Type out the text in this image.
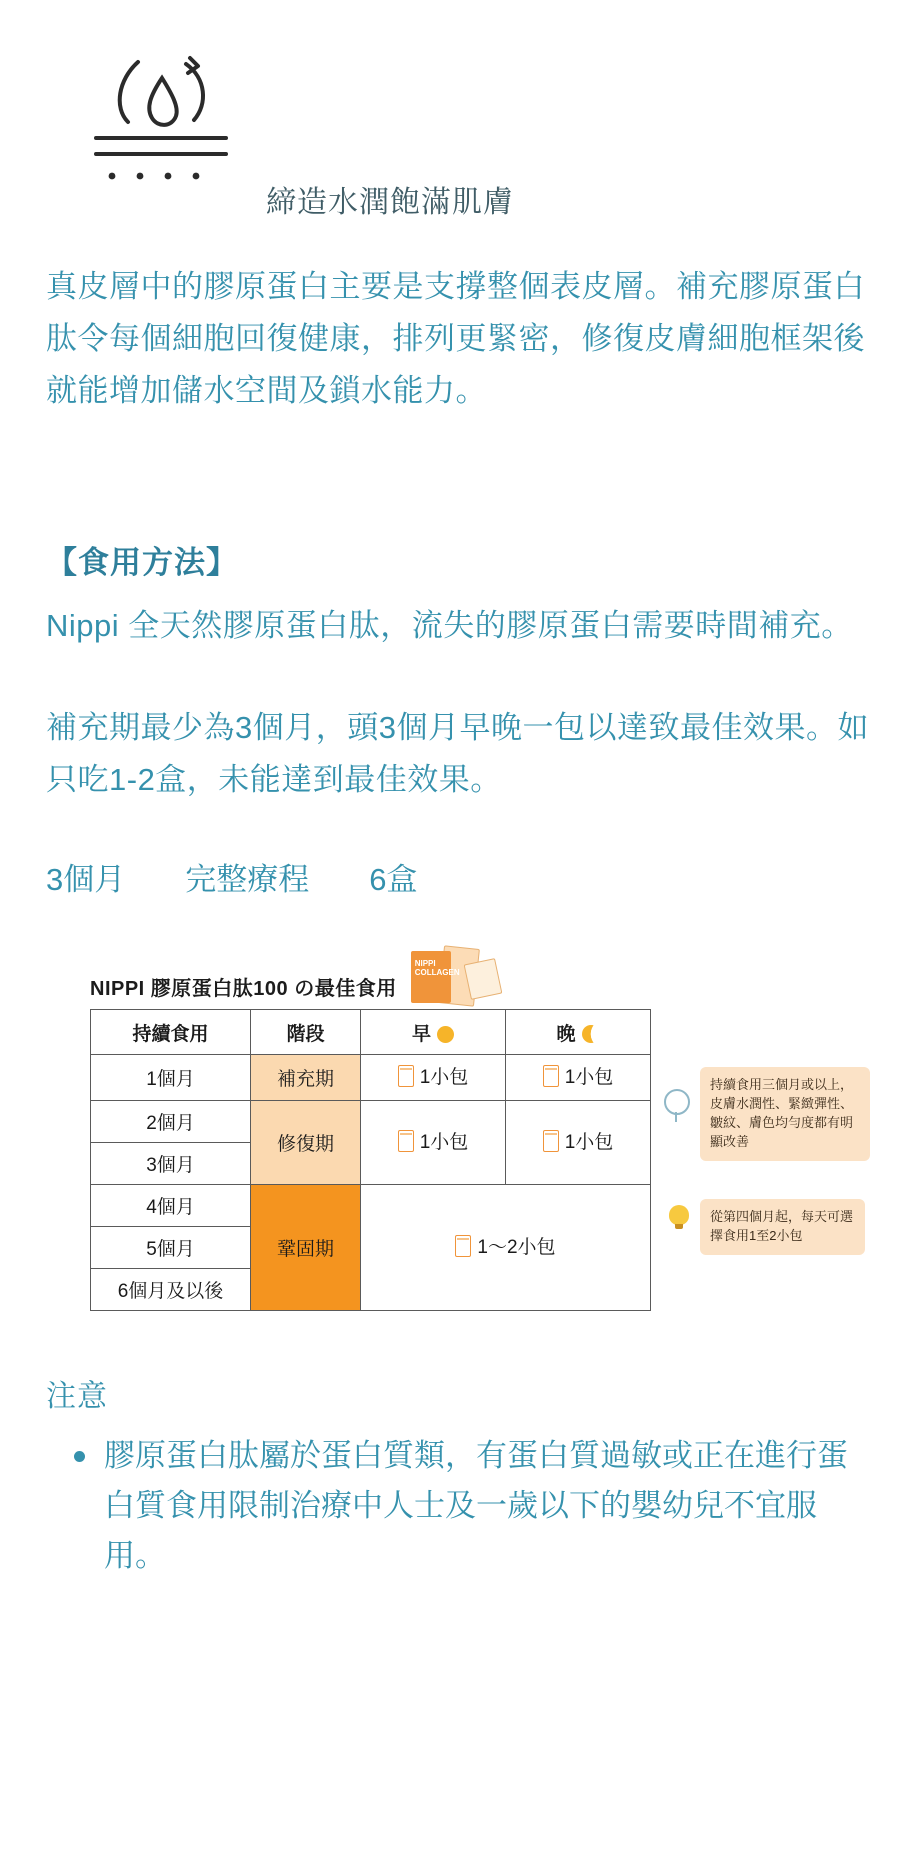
締造水潤飽滿肌膚

真皮層中的膠原蛋白主要是支撐整個表皮層。補充膠原蛋白肽令每個細胞回復健康，排列更緊密，修復皮膚細胞框架後就能增加儲水空間及鎖水能力。

【食用方法】

Nippi 全天然膠原蛋白肽，流失的膠原蛋白需要時間補充。

補充期最少為3個月，頭3個月早晚一包以達致最佳效果。如只吃1-2盒，未能達到最佳效果。

3個月 完整療程 6盒
NIPPI 膠原蛋白肽100 の最佳食用
NIPPI COLLAGEN
持續食用	階段	早	晚
1個月	補充期	1小包	1小包

2個月	修復期	1小包	1小包

3個月			
4個月	鞏固期	1～2小包	

5個月			
6個月及以後			
持續食用三個月或以上，皮膚水潤性、緊緻彈性、皺紋、膚色均勻度都有明顯改善
從第四個月起，每天可選擇食用1至2小包
注意
膠原蛋白肽屬於蛋白質類，有蛋白質過敏或正在進行蛋白質食用限制治療中人士及一歲以下的嬰幼兒不宜服用。
